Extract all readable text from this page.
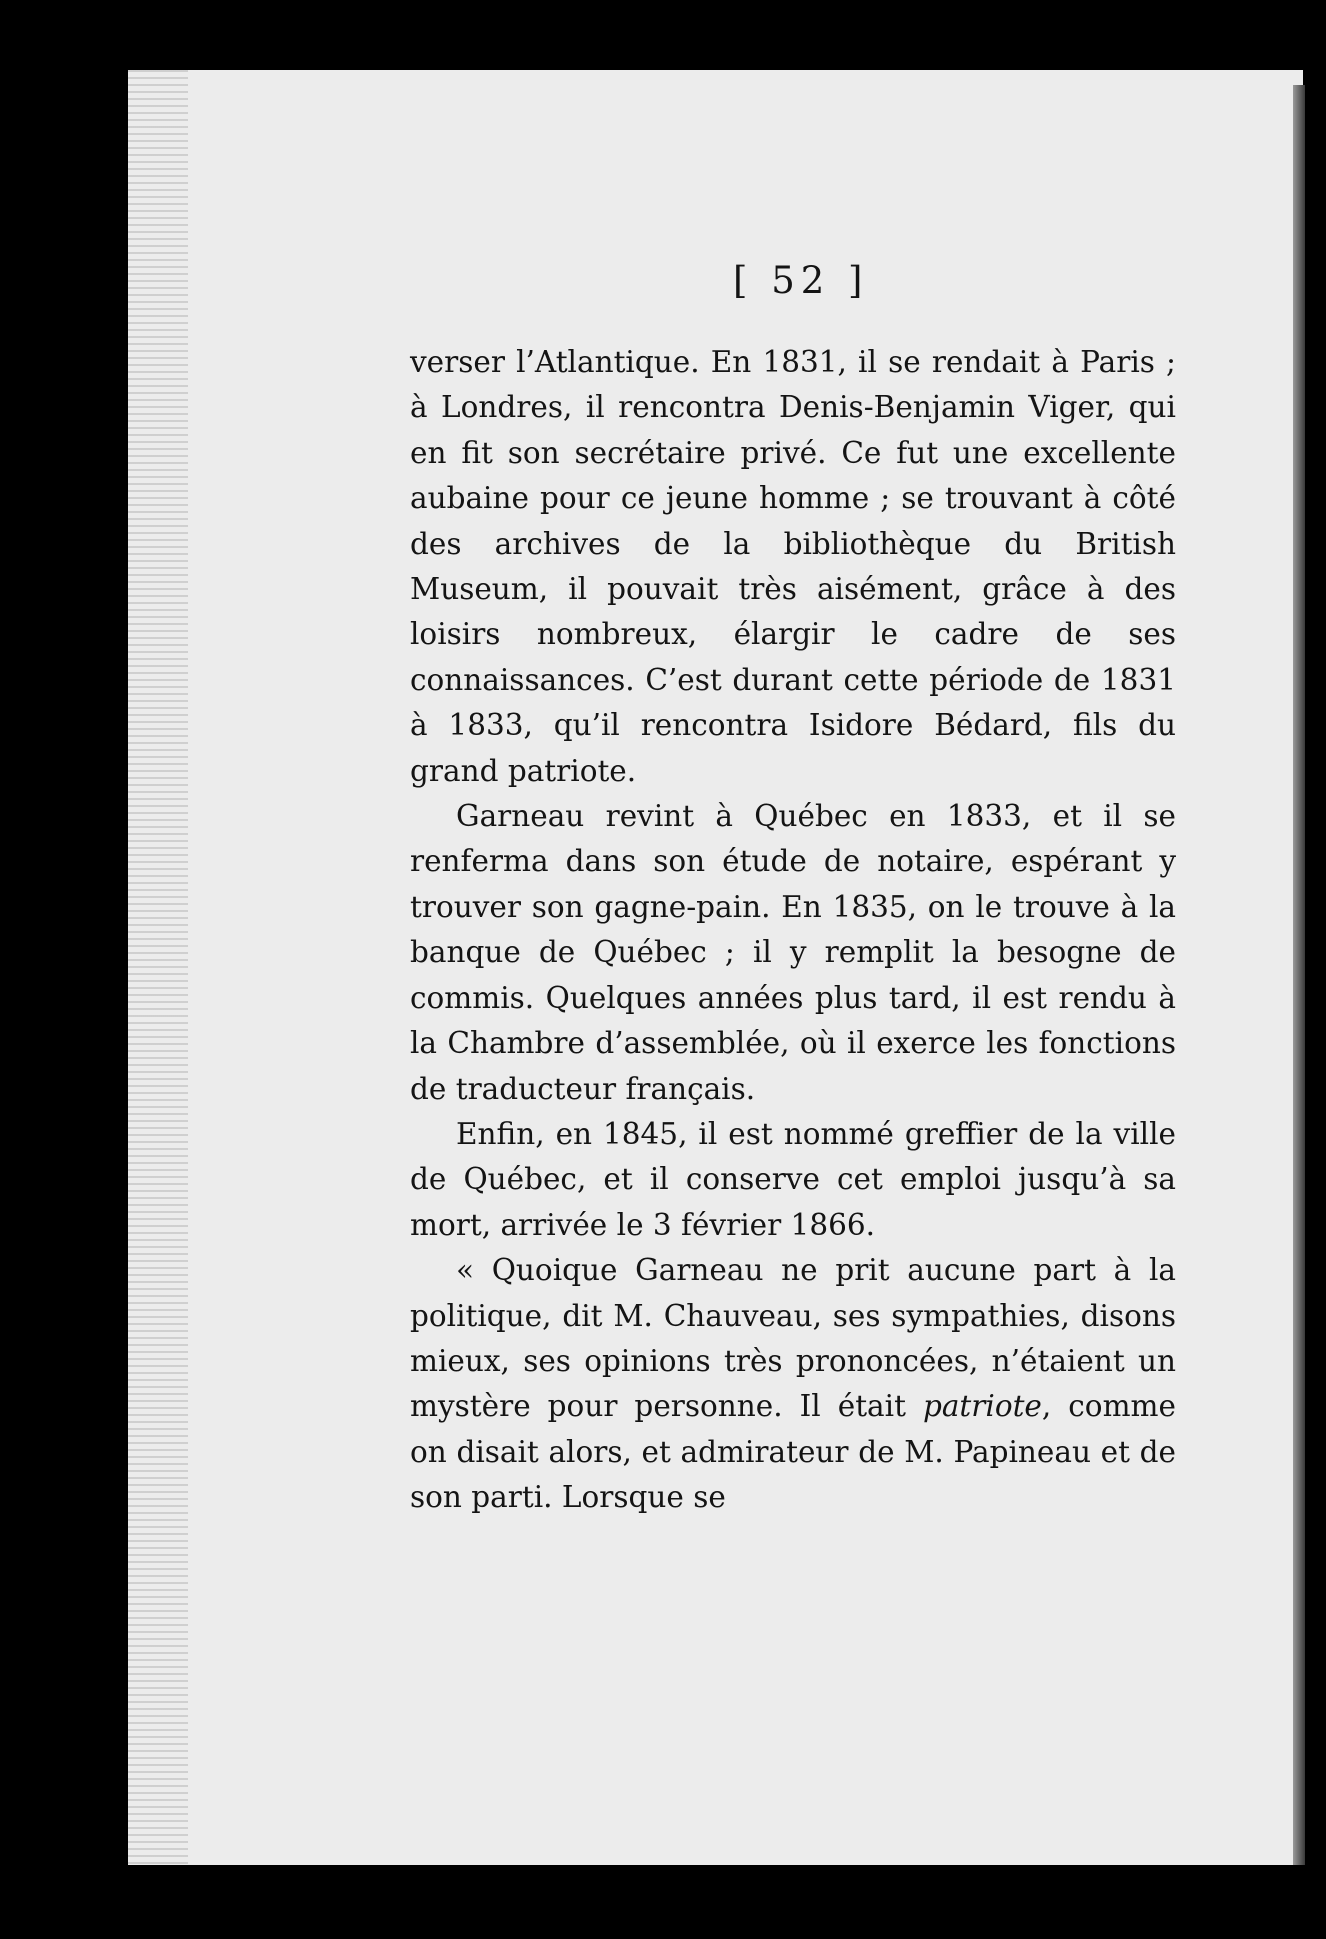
[ 52 ]

verser l’Atlantique. En 1831, il se rendait à Paris ; à Londres, il rencontra Denis-Benjamin Viger, qui en fit son secrétaire privé. Ce fut une excellente aubaine pour ce jeune homme ; se trouvant à côté des archives de la bibliothèque du British Museum, il pouvait très aisément, grâce à des loisirs nombreux, élargir le cadre de ses connaissances. C’est durant cette période de 1831 à 1833, qu’il rencontra Isidore Bédard, fils du grand patriote.

Garneau revint à Québec en 1833, et il se renferma dans son étude de notaire, espérant y trouver son gagne-pain. En 1835, on le trouve à la banque de Québec ; il y remplit la besogne de commis. Quelques années plus tard, il est rendu à la Chambre d’assemblée, où il exerce les fonctions de traducteur français.

Enfin, en 1845, il est nommé greffier de la ville de Québec, et il conserve cet emploi jusqu’à sa mort, arrivée le 3 février 1866.

« Quoique Garneau ne prit aucune part à la politique, dit M. Chauveau, ses sympathies, disons mieux, ses opinions très prononcées, n’étaient un mystère pour personne. Il était patriote, comme on disait alors, et admirateur de M. Papineau et de son parti. Lorsque se
